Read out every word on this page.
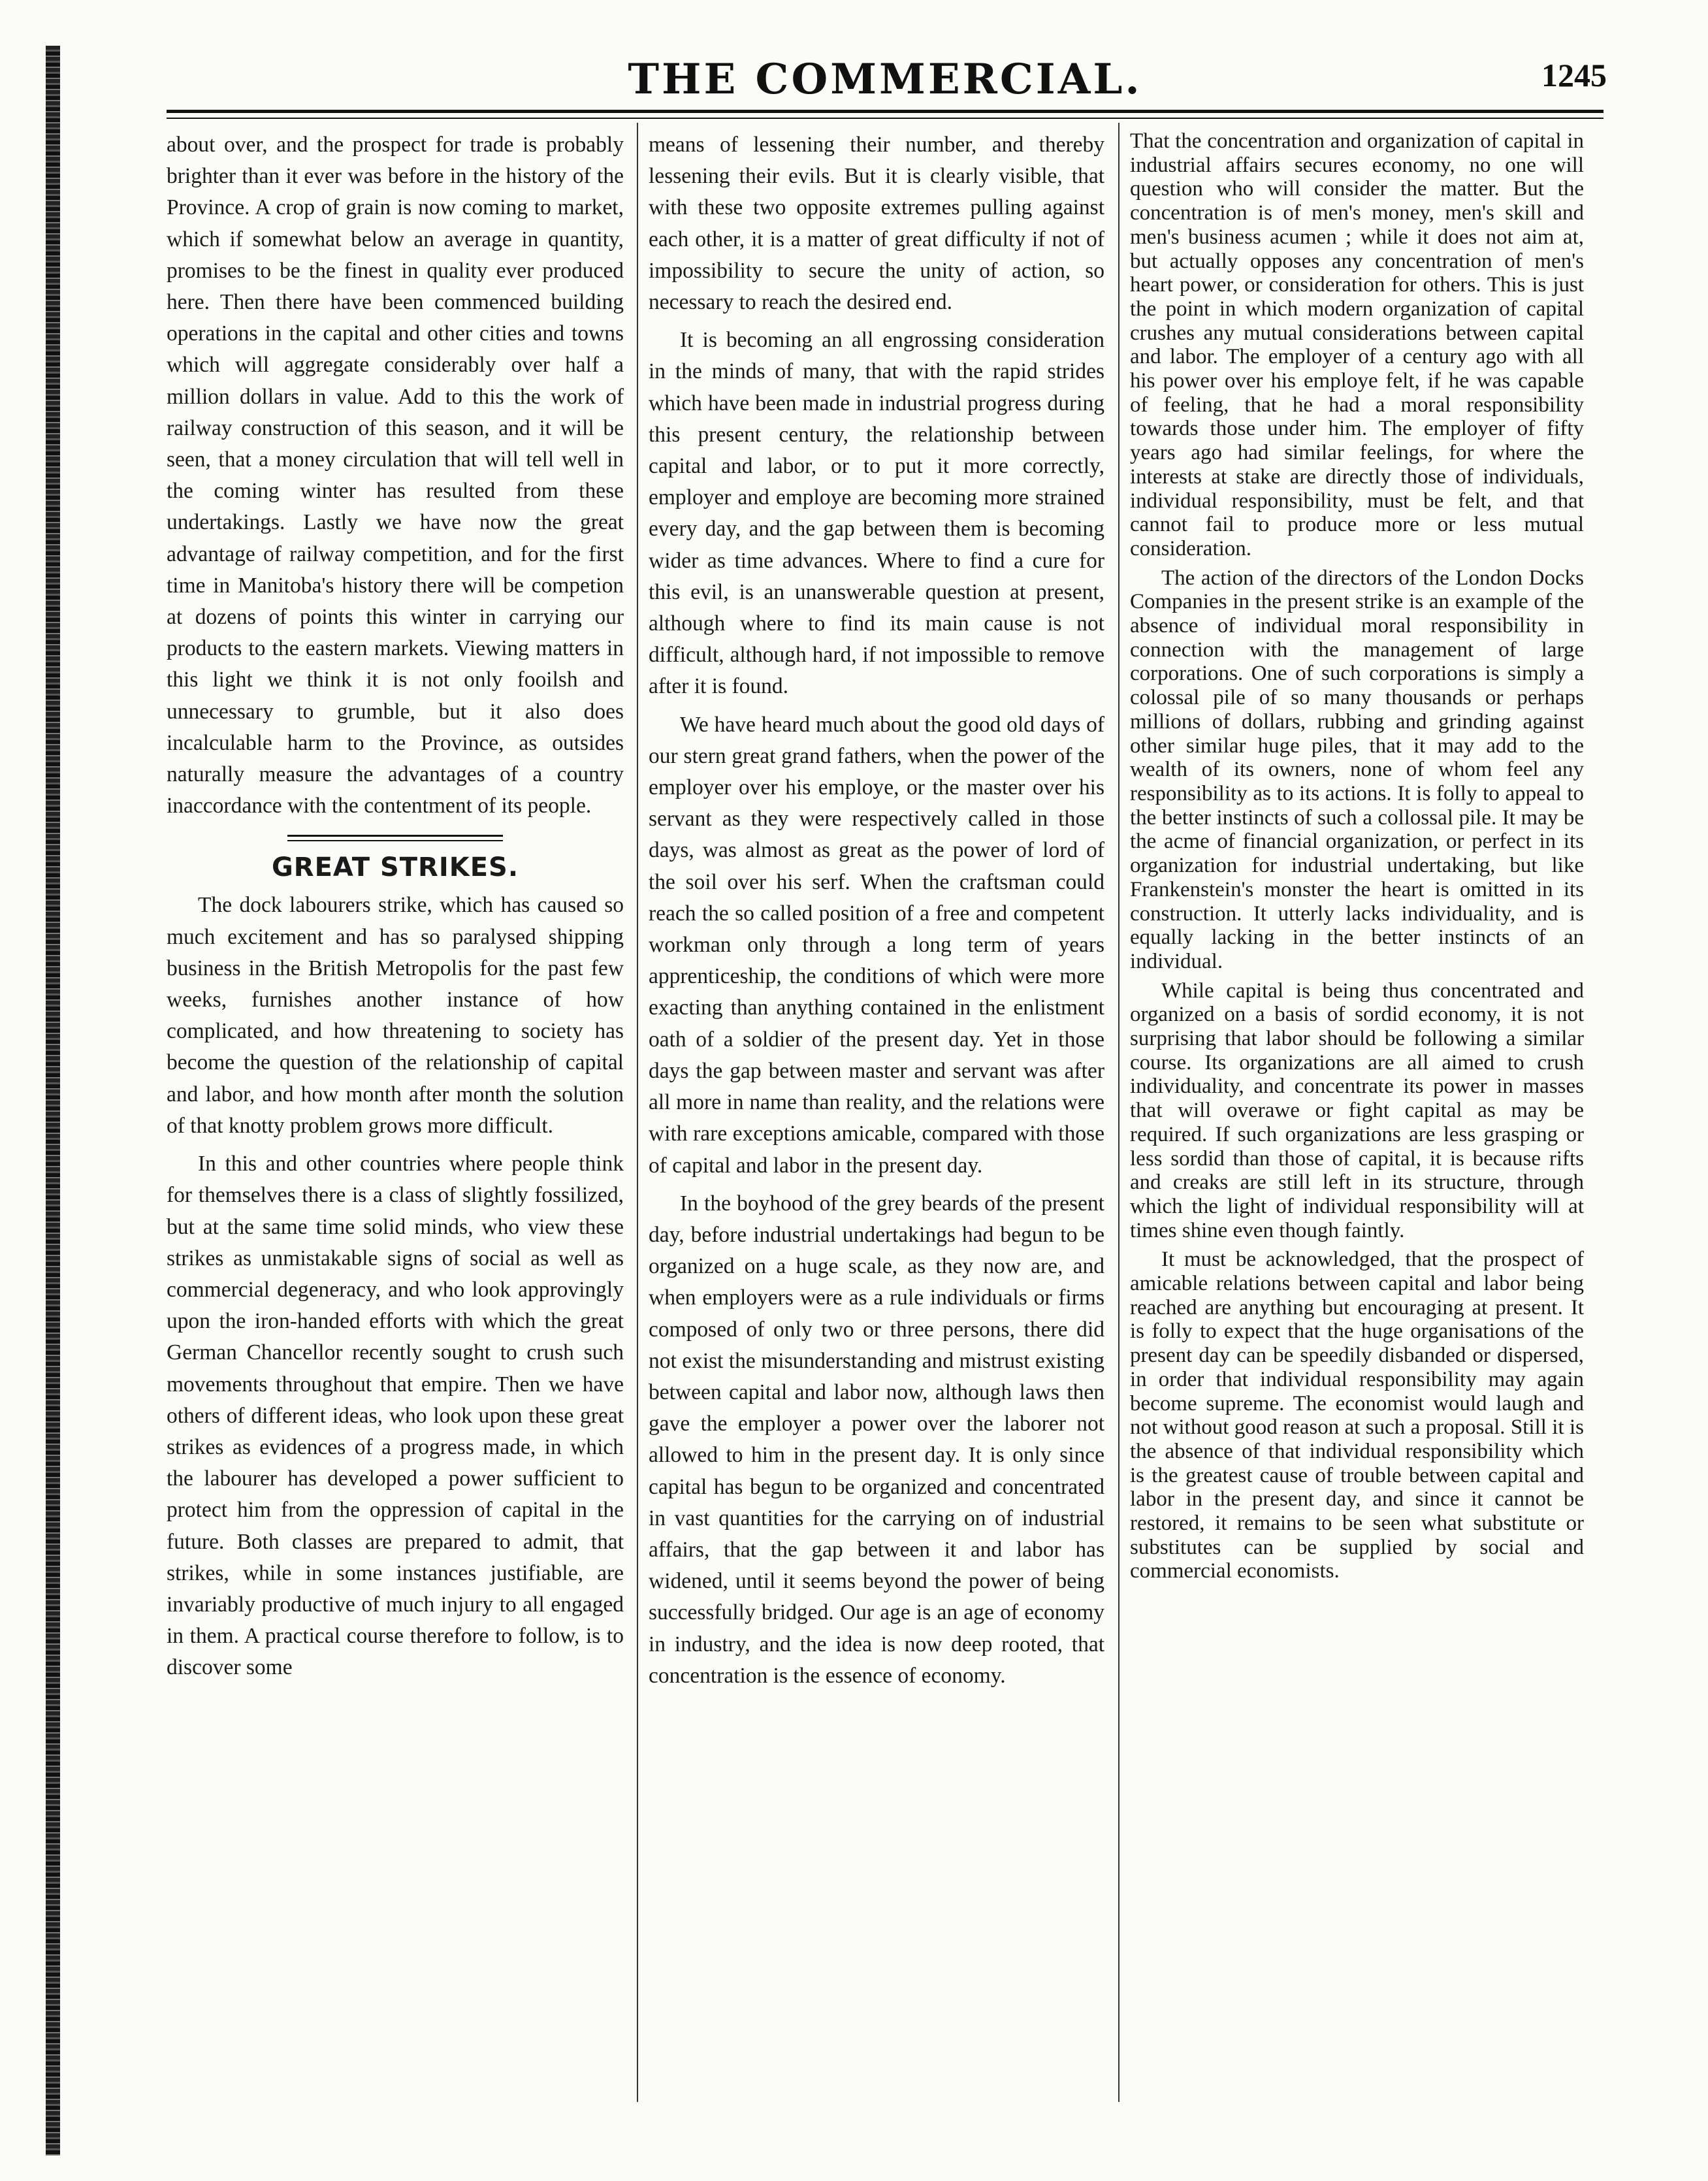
THE COMMERCIAL.	1245

about over, and the prospect for trade is probably brighter than it ever was before in the history of the Province. A crop of grain is now coming to market, which if somewhat below an average in quantity, promises to be the finest in quality ever produced here. Then there have been commenced building operations in the capital and other cities and towns which will aggregate considerably over half a million dollars in value. Add to this the work of railway construction of this season, and it will be seen, that a money circulation that will tell well in the coming winter has resulted from these undertakings. Lastly we have now the great advantage of railway competition, and for the first time in Manitoba's history there will be competion at dozens of points this winter in carrying our products to the eastern markets. Viewing matters in this light we think it is not only fooilsh and unnecessary to grumble, but it also does incalculable harm to the Province, as outsides naturally measure the advantages of a country inaccordance with the contentment of its people.

GREAT STRIKES.

The dock labourers strike, which has caused so much excitement and has so paralysed shipping business in the British Metropolis for the past few weeks, furnishes another instance of how complicated, and how threatening to society has become the question of the relationship of capital and labor, and how month after month the solution of that knotty problem grows more difficult.

In this and other countries where people think for themselves there is a class of slightly fossilized, but at the same time solid minds, who view these strikes as unmistakable signs of social as well as commercial degeneracy, and who look approvingly upon the iron-handed efforts with which the great German Chancellor recently sought to crush such movements throughout that empire. Then we have others of different ideas, who look upon these great strikes as evidences of a progress made, in which the labourer has developed a power sufficient to protect him from the oppression of capital in the future. Both classes are prepared to admit, that strikes, while in some instances justifiable, are invariably productive of much injury to all engaged in them. A practical course therefore to follow, is to discover some

means of lessening their number, and thereby lessening their evils. But it is clearly visible, that with these two opposite extremes pulling against each other, it is a matter of great difficulty if not of impossibility to secure the unity of action, so necessary to reach the desired end.

It is becoming an all engrossing consideration in the minds of many, that with the rapid strides which have been made in industrial progress during this present century, the relationship between capital and labor, or to put it more correctly, employer and employe are becoming more strained every day, and the gap between them is becoming wider as time advances. Where to find a cure for this evil, is an unanswerable question at present, although where to find its main cause is not difficult, although hard, if not impossible to remove after it is found.

We have heard much about the good old days of our stern great grand fathers, when the power of the employer over his employe, or the master over his servant as they were respectively called in those days, was almost as great as the power of lord of the soil over his serf. When the craftsman could reach the so called position of a free and competent workman only through a long term of years apprenticeship, the conditions of which were more exacting than anything contained in the enlistment oath of a soldier of the present day. Yet in those days the gap between master and servant was after all more in name than reality, and the relations were with rare exceptions amicable, compared with those of capital and labor in the present day.

In the boyhood of the grey beards of the present day, before industrial undertakings had begun to be organized on a huge scale, as they now are, and when employers were as a rule individuals or firms composed of only two or three persons, there did not exist the misunderstanding and mistrust existing between capital and labor now, although laws then gave the employer a power over the laborer not allowed to him in the present day. It is only since capital has begun to be organized and concentrated in vast quantities for the carrying on of industrial affairs, that the gap between it and labor has widened, until it seems beyond the power of being successfully bridged. Our age is an age of economy in industry, and the idea is now deep rooted, that concentration is the essence of economy.

That the concentration and organization of capital in industrial affairs secures economy, no one will question who will consider the matter. But the concentration is of men's money, men's skill and men's business acumen ; while it does not aim at, but actually opposes any concentration of men's heart power, or consideration for others. This is just the point in which modern organization of capital crushes any mutual considerations between capital and labor. The employer of a century ago with all his power over his employe felt, if he was capable of feeling, that he had a moral responsibility towards those under him. The employer of fifty years ago had similar feelings, for where the interests at stake are directly those of individuals, individual responsibility, must be felt, and that cannot fail to produce more or less mutual consideration.

The action of the directors of the London Docks Companies in the present strike is an example of the absence of individual moral responsibility in connection with the management of large corporations. One of such corporations is simply a colossal pile of so many thousands or perhaps millions of dollars, rubbing and grinding against other similar huge piles, that it may add to the wealth of its owners, none of whom feel any responsibility as to its actions. It is folly to appeal to the better instincts of such a collossal pile. It may be the acme of financial organization, or perfect in its organization for industrial undertaking, but like Frankenstein's monster the heart is omitted in its construction. It utterly lacks individuality, and is equally lacking in the better instincts of an individual.

While capital is being thus concentrated and organized on a basis of sordid economy, it is not surprising that labor should be following a similar course. Its organizations are all aimed to crush individuality, and concentrate its power in masses that will overawe or fight capital as may be required. If such organizations are less grasping or less sordid than those of capital, it is because rifts and creaks are still left in its structure, through which the light of individual responsibility will at times shine even though faintly.

It must be acknowledged, that the prospect of amicable relations between capital and labor being reached are anything but encouraging at present. It is folly to expect that the huge organisations of the present day can be speedily disbanded or dispersed, in order that individual responsibility may again become supreme. The economist would laugh and not without good reason at such a proposal. Still it is the absence of that individual responsibility which is the greatest cause of trouble between capital and labor in the present day, and since it cannot be restored, it remains to be seen what substitute or substitutes can be supplied by social and commercial economists.
